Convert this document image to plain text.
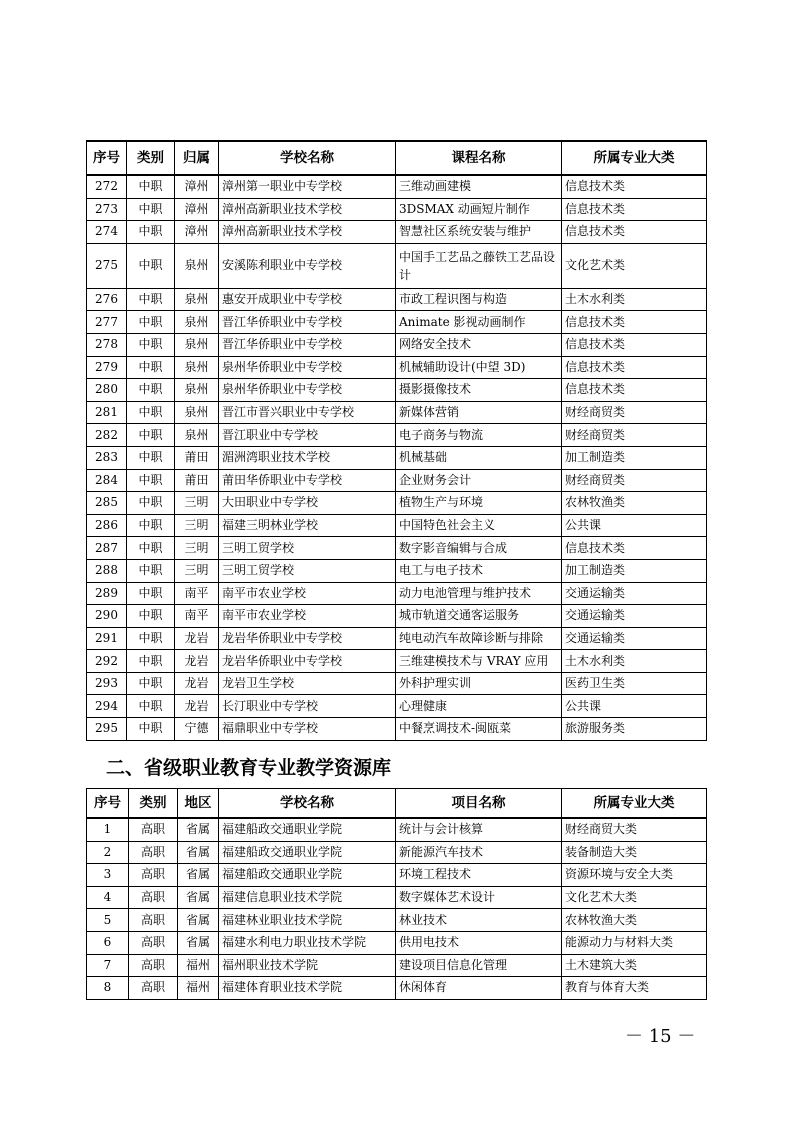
序号	类别	归属	学校名称	课程名称	所属专业大类
272	中职	漳州	漳州第一职业中专学校	三维动画建模	信息技术类
273	中职	漳州	漳州高新职业技术学校	3DSMAX 动画短片制作	信息技术类
274	中职	漳州	漳州高新职业技术学校	智慧社区系统安装与维护	信息技术类
275	中职	泉州	安溪陈利职业中专学校	中国手工艺品之藤铁工艺品设计	文化艺术类
276	中职	泉州	惠安开成职业中专学校	市政工程识图与构造	土木水利类
277	中职	泉州	晋江华侨职业中专学校	Animate 影视动画制作	信息技术类
278	中职	泉州	晋江华侨职业中专学校	网络安全技术	信息技术类
279	中职	泉州	泉州华侨职业中专学校	机械辅助设计(中望 3D)	信息技术类
280	中职	泉州	泉州华侨职业中专学校	摄影摄像技术	信息技术类
281	中职	泉州	晋江市晋兴职业中专学校	新媒体营销	财经商贸类
282	中职	泉州	晋江职业中专学校	电子商务与物流	财经商贸类
283	中职	莆田	湄洲湾职业技术学校	机械基础	加工制造类
284	中职	莆田	莆田华侨职业中专学校	企业财务会计	财经商贸类
285	中职	三明	大田职业中专学校	植物生产与环境	农林牧渔类
286	中职	三明	福建三明林业学校	中国特色社会主义	公共课
287	中职	三明	三明工贸学校	数字影音编辑与合成	信息技术类
288	中职	三明	三明工贸学校	电工与电子技术	加工制造类
289	中职	南平	南平市农业学校	动力电池管理与维护技术	交通运输类
290	中职	南平	南平市农业学校	城市轨道交通客运服务	交通运输类
291	中职	龙岩	龙岩华侨职业中专学校	纯电动汽车故障诊断与排除	交通运输类
292	中职	龙岩	龙岩华侨职业中专学校	三维建模技术与 VRAY 应用	土木水利类
293	中职	龙岩	龙岩卫生学校	外科护理实训	医药卫生类
294	中职	龙岩	长汀职业中专学校	心理健康	公共课
295	中职	宁德	福鼎职业中专学校	中餐烹调技术-闽瓯菜	旅游服务类
二、省级职业教育专业教学资源库
序号	类别	地区	学校名称	项目名称	所属专业大类
1	高职	省属	福建船政交通职业学院	统计与会计核算	财经商贸大类
2	高职	省属	福建船政交通职业学院	新能源汽车技术	装备制造大类
3	高职	省属	福建船政交通职业学院	环境工程技术	资源环境与安全大类
4	高职	省属	福建信息职业技术学院	数字媒体艺术设计	文化艺术大类
5	高职	省属	福建林业职业技术学院	林业技术	农林牧渔大类
6	高职	省属	福建水利电力职业技术学院	供用电技术	能源动力与材料大类
7	高职	福州	福州职业技术学院	建设项目信息化管理	土木建筑大类
8	高职	福州	福建体育职业技术学院	休闲体育	教育与体育大类
－ 15 －
